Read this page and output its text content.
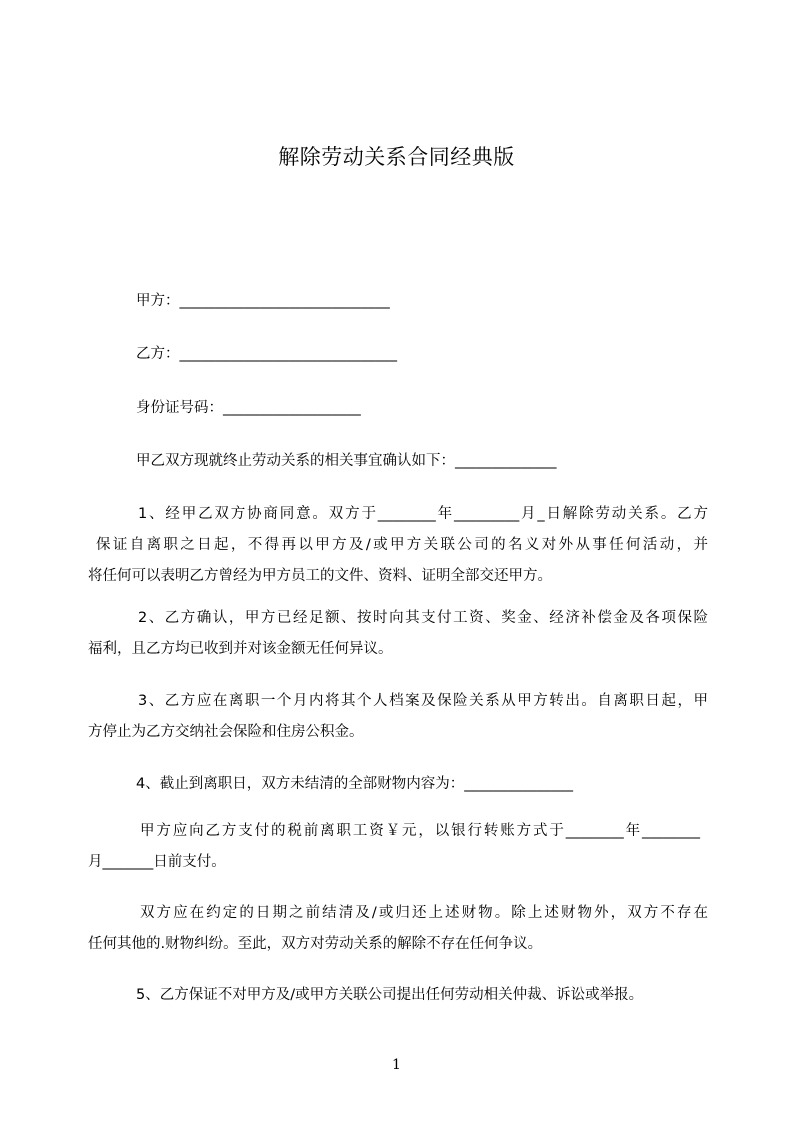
解除劳动关系合同经典版

甲方：_____________________________

乙方：______________________________

身份证号码：___________________

甲乙双方现就终止劳动关系的相关事宜确认如下：______________

1、经甲乙双方协商同意。双方于________年_________月_日解除劳动关系。乙方
保证自离职之日起，不得再以甲方及/或甲方关联公司的名义对外从事任何活动，并
将任何可以表明乙方曾经为甲方员工的文件、资料、证明全部交还甲方。
2、乙方确认，甲方已经足额、按时向其支付工资、奖金、经济补偿金及各项保险
福利，且乙方均已收到并对该金额无任何异议。
3、乙方应在离职一个月内将其个人档案及保险关系从甲方转出。自离职日起，甲
方停止为乙方交纳社会保险和住房公积金。

4、截止到离职日，双方未结清的全部财物内容为：_______________

甲方应向乙方支付的税前离职工资￥元，以银行转账方式于________年________
月_______日前支付。
双方应在约定的日期之前结清及/或归还上述财物。除上述财物外，双方不存在
任何其他的.财物纠纷。至此，双方对劳动关系的解除不存在任何争议。

5、乙方保证不对甲方及/或甲方关联公司提出任何劳动相关仲裁、诉讼或举报。

1
